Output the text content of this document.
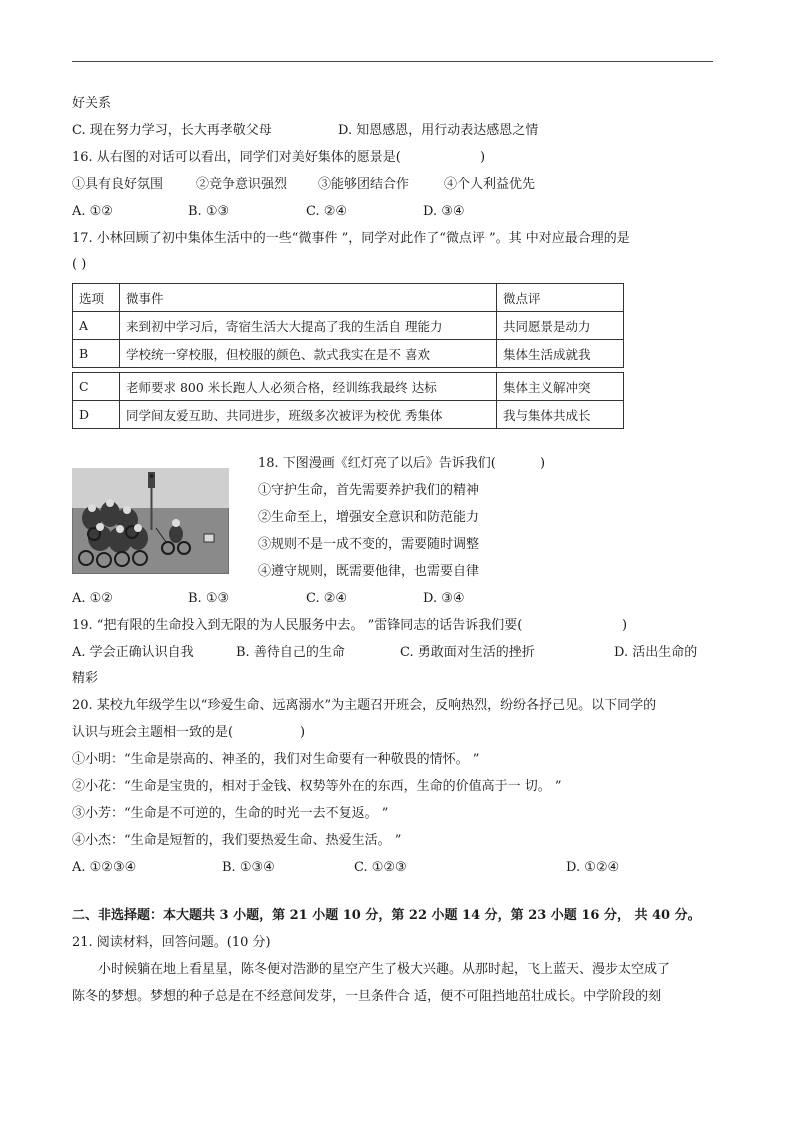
好关系
C. 现在努力学习，长大再孝敬父母	D. 知恩感恩，用行动表达感恩之情
16. 从右图的对话可以看出，同学们对美好集体的愿景是(	)
①具有良好氛围	②竞争意识强烈 ③能够团结合作	④个人利益优先
A. ①②	B. ①③	C. ②④	D. ③④
17. 小林回顾了初中集体生活中的一些“微事件 ”，同学对此作了“微点评 ”。其 中对应最合理的是
( )
选项	微事件	微点评
A	来到初中学习后，寄宿生活大大提高了我的生活自 理能力	共同愿景是动力
B	学校统一穿校服，但校服的颜色、款式我实在是不 喜欢	集体生活成就我

C	老师要求 800 米长跑人人必须合格，经训练我最终 达标	集体主义解冲突
D	同学间友爱互助、共同进步，班级多次被评为校优 秀集体	我与集体共成长
18. 下图漫画《红灯亮了以后》告诉我们(	)
①守护生命，首先需要养护我们的精神
②生命至上，增强安全意识和防范能力
③规则不是一成不变的，需要随时调整
④遵守规则，既需要他律，也需要自律
A. ①②	B. ①③	C. ②④	D. ③④
19. “把有限的生命投入到无限的为人民服务中去。 ”雷锋同志的话告诉我们要(	)
A. 学会正确认识自我	B. 善待自己的生命	C. 勇敢面对生活的挫折	D. 活出生命的
精彩
20. 某校九年级学生以“珍爱生命、远离溺水”为主题召开班会，反响热烈，纷纷各抒己见。以下同学的
认识与班会主题相一致的是(	)
①小明：“生命是崇高的、神圣的，我们对生命要有一种敬畏的情怀。 ”
②小花：“生命是宝贵的，相对于金钱、权势等外在的东西，生命的价值高于一 切。 ”
③小芳：“生命是不可逆的，生命的时光一去不复返。 ”
④小杰：“生命是短暂的，我们要热爱生命、热爱生活。 ”
A. ①②③④	B. ①③④	C. ①②③	D. ①②④
二、非选择题：本大题共 3 小题，第 21 小题 10 分，第 22 小题 14 分，第 23 小题 16 分， 共 40 分。
21. 阅读材料，回答问题。(10 分)
小时候躺在地上看星星，陈冬便对浩渺的星空产生了极大兴趣。从那时起，飞上蓝天、漫步太空成了
陈冬的梦想。梦想的种子总是在不经意间发芽，一旦条件合 适，便不可阻挡地茁壮成长。中学阶段的刻
